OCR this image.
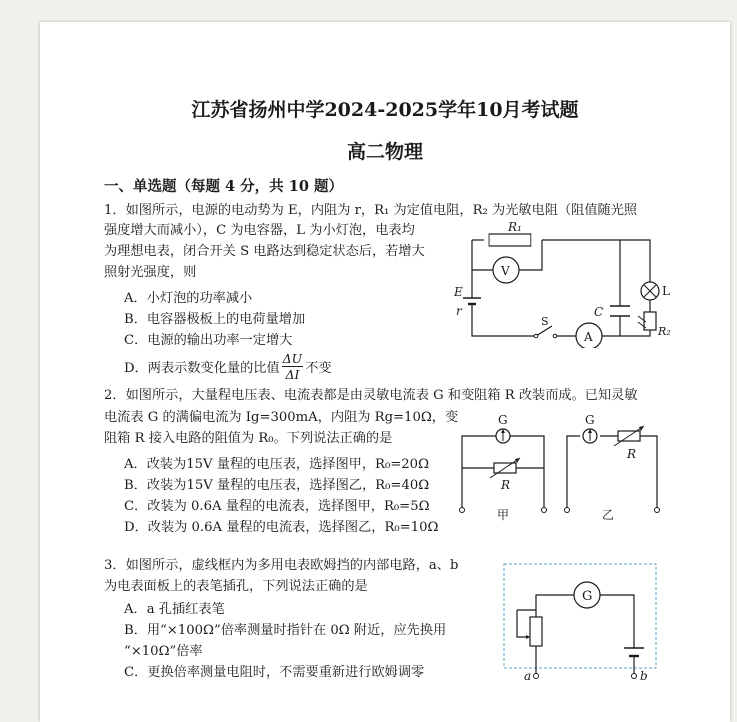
江苏省扬州中学2024-2025学年10月考试题
高二物理
一、单选题（每题 4 分，共 10 题）
1．如图所示，电源的电动势为 E，内阻为 r，R₁ 为定值电阻，R₂ 为光敏电阻（阻值随光照
强度增大而减小），C 为电容器，L 为小灯泡，电表均
为理想电表，闭合开关 S 电路达到稳定状态后，若增大
照射光强度，则
A．小灯泡的功率减小
B．电容器极板上的电荷量增加
C．电源的输出功率一定增大
D．两表示数变化量的比值 $\frac{\Delta U}{\Delta I}$ 不变
R₁
V
A
L
C
R₂
E
r
S
2．如图所示，大量程电压表、电流表都是由灵敏电流表 G 和变阻箱 R 改装而成。已知灵敏
电流表 G 的满偏电流为 Ig=300mA，内阻为 Rg=10Ω，变
阻箱 R 接入电路的阻值为 R₀。下列说法正确的是
A．改装为15V 量程的电压表，选择图甲，R₀=20Ω
B．改装为15V 量程的电压表，选择图乙，R₀=40Ω
C．改装为 0.6A 量程的电流表，选择图甲，R₀=5Ω
D．改装为 0.6A 量程的电流表，选择图乙，R₀=10Ω
G
R
甲
G
R
乙
3．如图所示，虚线框内为多用电表欧姆挡的内部电路，a、b
为电表面板上的表笔插孔，下列说法正确的是
A．a 孔插红表笔
B．用“×100Ω”倍率测量时指针在 0Ω 附近，应先换用
“×10Ω”倍率
C．更换倍率测量电阻时，不需要重新进行欧姆调零
G
a	b
